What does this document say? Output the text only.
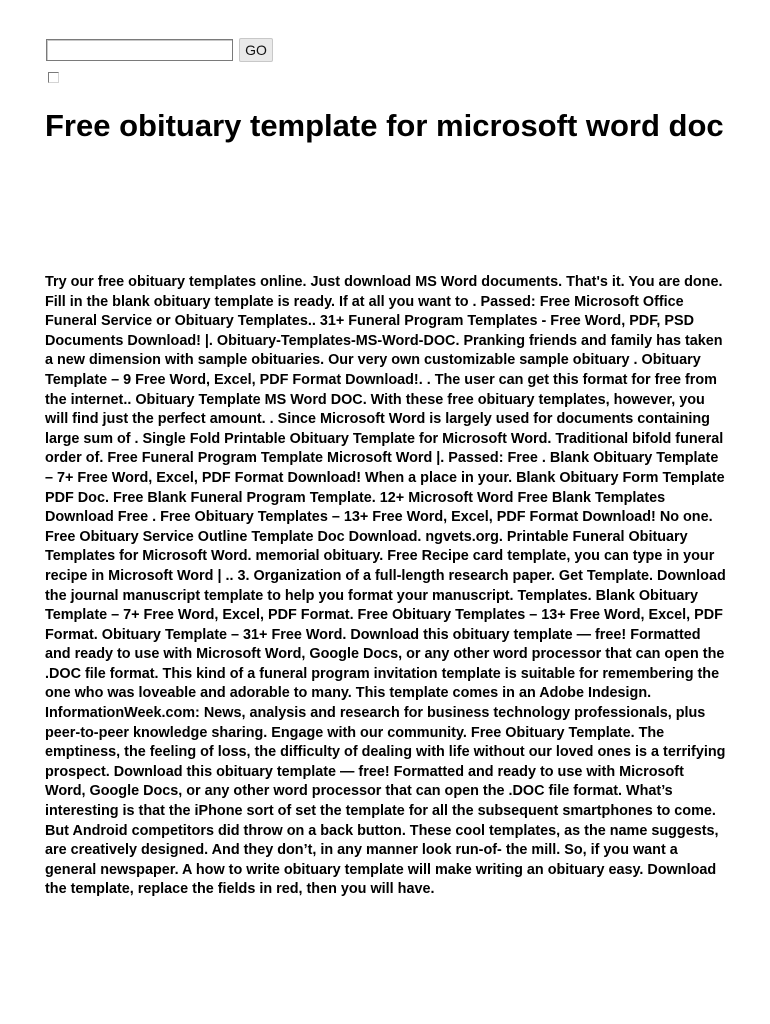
GO
Free obituary template for microsoft word doc

Try our free obituary templates online. Just download MS Word documents. That's it. You are done. Fill in the blank obituary template is ready. If at all you want to . Passed: Free Microsoft Office Funeral Service or Obituary Templates.. 31+ Funeral Program Templates - Free Word, PDF, PSD Documents Download! |. Obituary-Templates-MS-Word-DOC. Pranking friends and family has taken a new dimension with sample obituaries. Our very own customizable sample obituary . Obituary Template – 9 Free Word, Excel, PDF Format Download!. . The user can get this format for free from the internet.. Obituary Template MS Word DOC. With these free obituary templates, however, you will find just the perfect amount. . Since Microsoft Word is largely used for documents containing large sum of . Single Fold Printable Obituary Template for Microsoft Word. Traditional bifold funeral order of. Free Funeral Program Template Microsoft Word |. Passed: Free . Blank Obituary Template – 7+ Free Word, Excel, PDF Format Download! When a place in your. Blank Obituary Form Template PDF Doc. Free Blank Funeral Program Template. 12+ Microsoft Word Free Blank Templates Download Free . Free Obituary Templates – 13+ Free Word, Excel, PDF Format Download! No one. Free Obituary Service Outline Template Doc Download. ngvets.org. Printable Funeral Obituary Templates for Microsoft Word. memorial obituary. Free Recipe card template, you can type in your recipe in Microsoft Word | .. 3. Organization of a full-length research paper. Get Template. Download the journal manuscript template to help you format your manuscript. Templates. Blank Obituary Template – 7+ Free Word, Excel, PDF Format. Free Obituary Templates – 13+ Free Word, Excel, PDF Format. Obituary Template – 31+ Free Word. Download this obituary template — free! Formatted and ready to use with Microsoft Word, Google Docs, or any other word processor that can open the .DOC file format. This kind of a funeral program invitation template is suitable for remembering the one who was loveable and adorable to many. This template comes in an Adobe Indesign. InformationWeek.com: News, analysis and research for business technology professionals, plus peer-to-peer knowledge sharing. Engage with our community. Free Obituary Template. The emptiness, the feeling of loss, the difficulty of dealing with life without our loved ones is a terrifying prospect. Download this obituary template — free! Formatted and ready to use with Microsoft Word, Google Docs, or any other word processor that can open the .DOC file format. What’s interesting is that the iPhone sort of set the template for all the subsequent smartphones to come. But Android competitors did throw on a back button. These cool templates, as the name suggests, are creatively designed. And they don’t, in any manner look run-of- the mill. So, if you want a general newspaper. A how to write obituary template will make writing an obituary easy. Download the template, replace the fields in red, then you will have.
